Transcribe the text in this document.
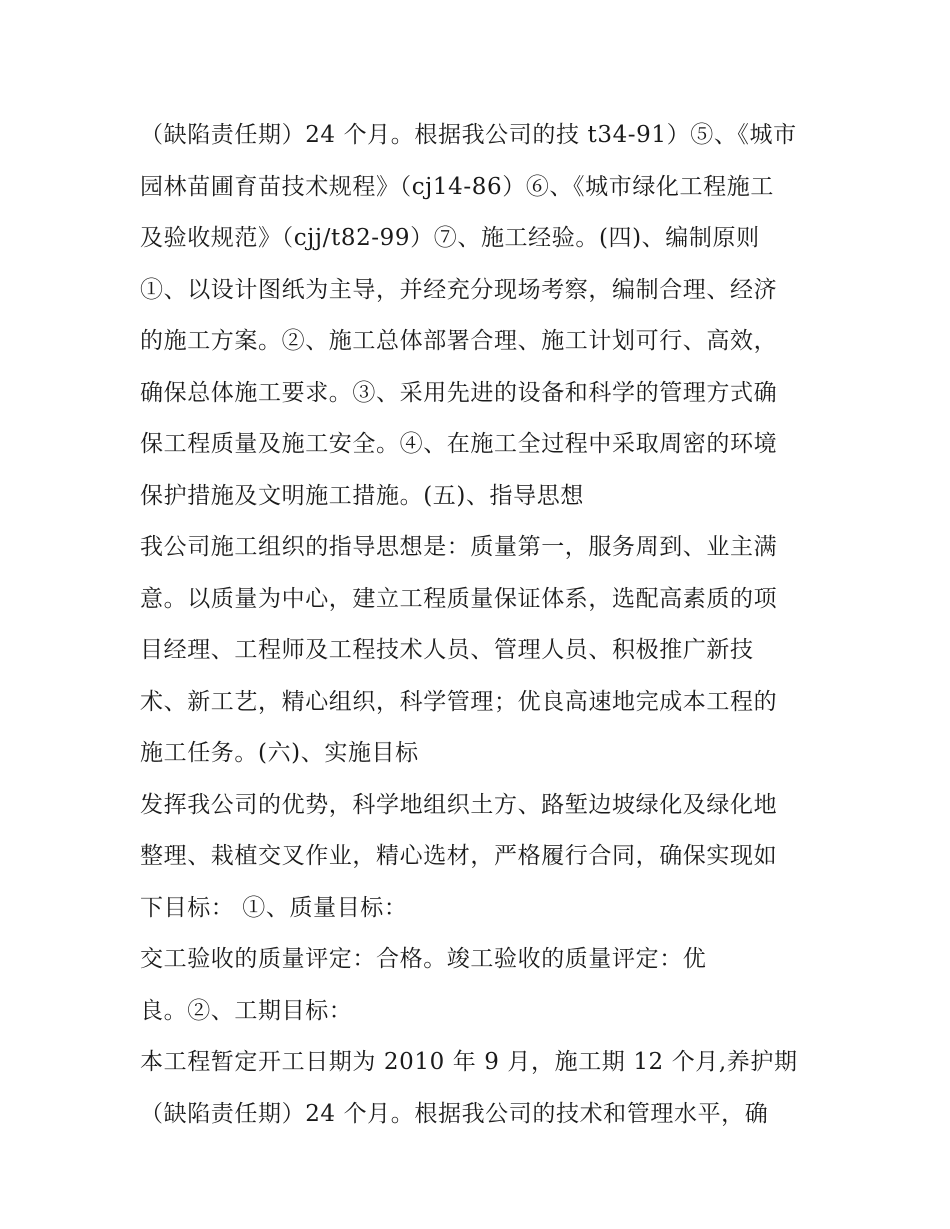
（缺陷责任期）24 个月。根据我公司的技 t34-91）⑤、《城市
园林苗圃育苗技术规程》（cj14-86）⑥、《城市绿化工程施工
及验收规范》（cjj/t82-99）⑦、施工经验。(四)、编制原则
①、以设计图纸为主导，并经充分现场考察，编制合理、经济
的施工方案。②、施工总体部署合理、施工计划可行、高效，
确保总体施工要求。③、采用先进的设备和科学的管理方式确
保工程质量及施工安全。④、在施工全过程中采取周密的环境
保护措施及文明施工措施。(五)、指导思想
我公司施工组织的指导思想是：质量第一，服务周到、业主满
意。以质量为中心，建立工程质量保证体系，选配高素质的项
目经理、工程师及工程技术人员、管理人员、积极推广新技
术、新工艺，精心组织，科学管理；优良高速地完成本工程的
施工任务。(六)、实施目标
发挥我公司的优势，科学地组织土方、路堑边坡绿化及绿化地
整理、栽植交叉作业，精心选材，严格履行合同，确保实现如
下目标： ①、质量目标：
交工验收的质量评定：合格。竣工验收的质量评定：优
良。②、工期目标：
本工程暂定开工日期为 2010 年 9 月，施工期 12 个月,养护期
（缺陷责任期）24 个月。根据我公司的技术和管理水平，确
